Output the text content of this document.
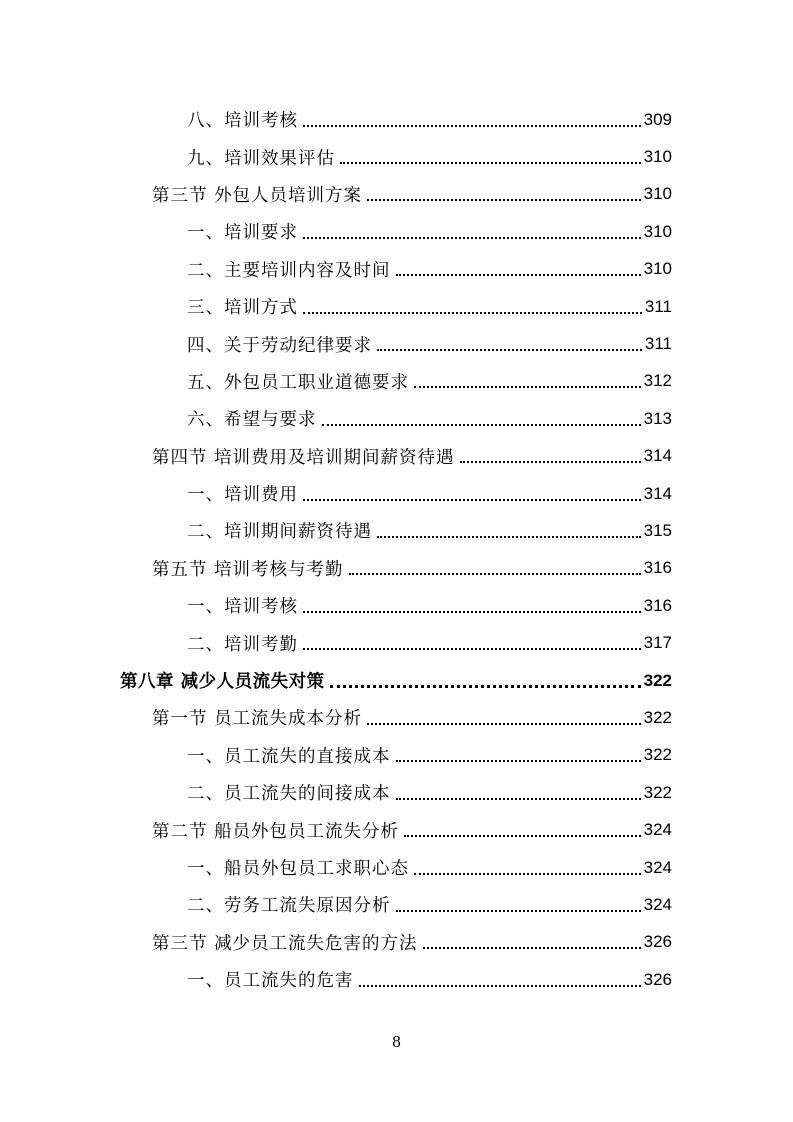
八、培训考核	309
九、培训效果评估	310
第三节 外包人员培训方案	310
一、培训要求	310
二、主要培训内容及时间	310
三、培训方式	311
四、关于劳动纪律要求	311
五、外包员工职业道德要求	312
六、希望与要求	313
第四节 培训费用及培训期间薪资待遇	314
一、培训费用	314
二、培训期间薪资待遇	315
第五节 培训考核与考勤	316
一、培训考核	316
二、培训考勤	317
第八章 减少人员流失对策	322
第一节 员工流失成本分析	322
一、员工流失的直接成本	322
二、员工流失的间接成本	322
第二节 船员外包员工流失分析	324
一、船员外包员工求职心态	324
二、劳务工流失原因分析	324
第三节 减少员工流失危害的方法	326
一、员工流失的危害	326
8
